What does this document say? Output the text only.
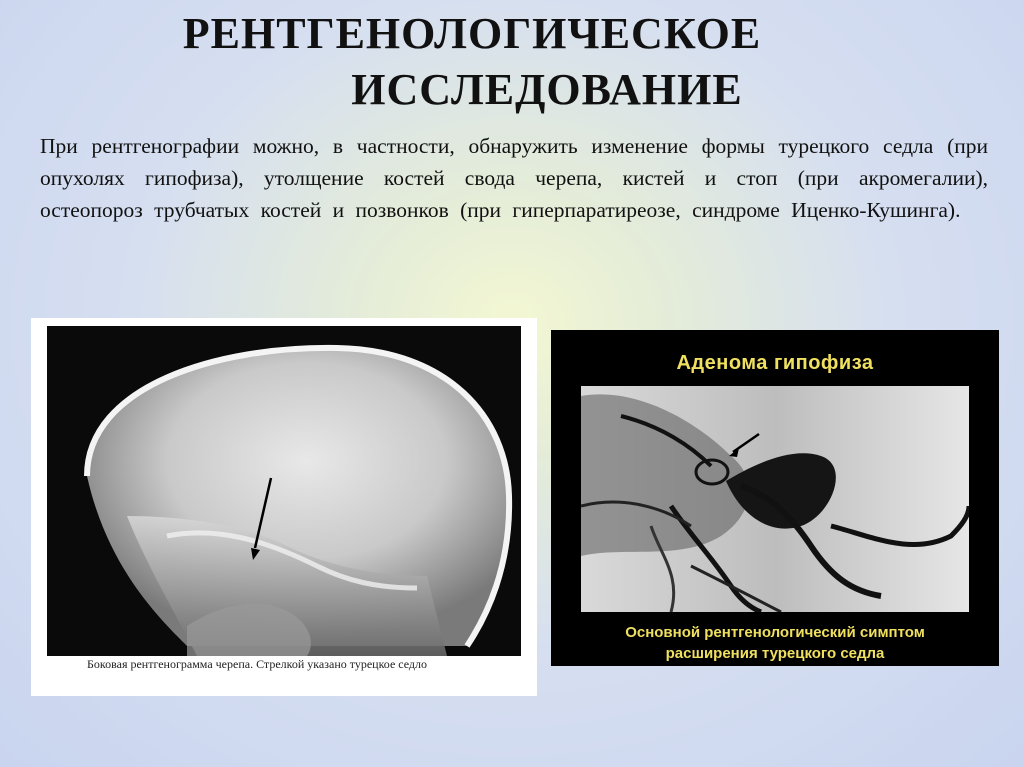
РЕНТГЕНОЛОГИЧЕСКОЕ
ИССЛЕДОВАНИЕ
При рентгенографии можно, в частности, обнаружить изменение формы турецкого седла (при опухолях гипофиза), утолщение костей свода черепа, кистей и стоп (при акромегалии), остеопороз трубчатых костей и позвонков (при гиперпаратиреозе, синдроме Иценко-Кушинга).
Боковая рентгенограмма черепа. Стрелкой указано турецкое седло
Аденома гипофиза
Основной рентгенологический симптом
расширения турецкого седла
